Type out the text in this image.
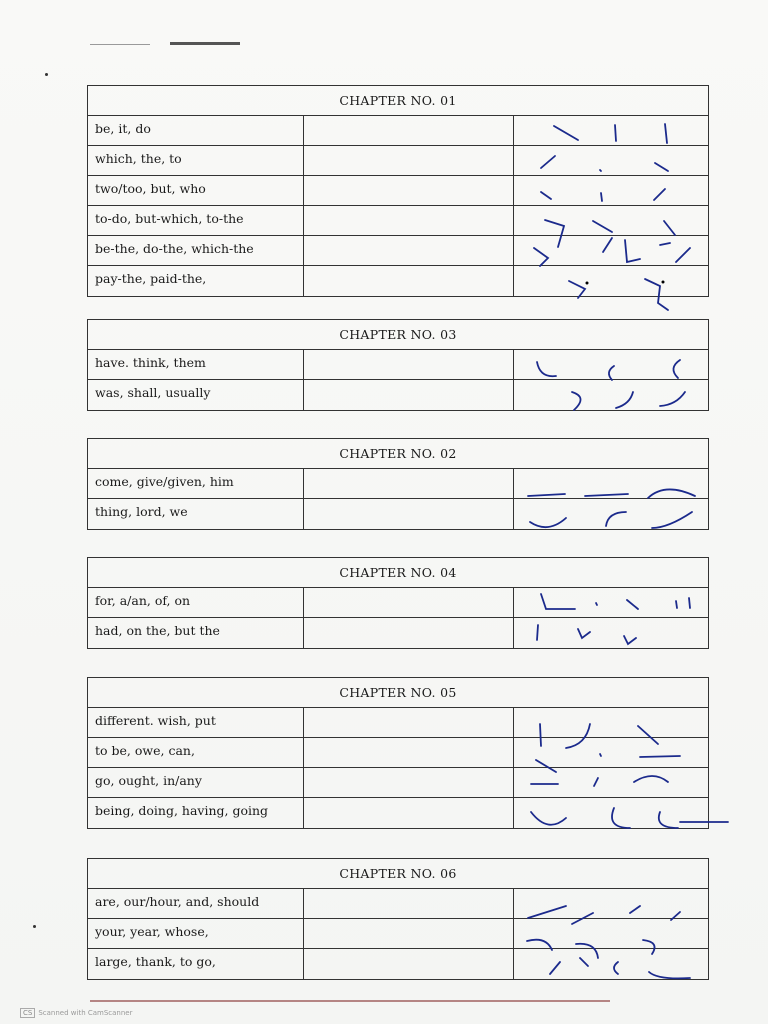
CHAPTER NO. 01
be, it, do
which, the, to
two/too, but, who
to-do, but-which, to-the
be-the, do-the, which-the
pay-the, paid-the,
CHAPTER NO. 03
have. think, them
was, shall, usually
CHAPTER NO. 02
come, give/given, him
thing, lord, we
CHAPTER NO. 04
for, a/an, of, on
had, on the, but the
CHAPTER NO. 05
different. wish, put
to be, owe, can,
go, ought, in/any
being, doing, having, going
CHAPTER NO. 06
are, our/hour, and, should
your, year, whose,
large, thank, to go,
CS Scanned with CamScanner
